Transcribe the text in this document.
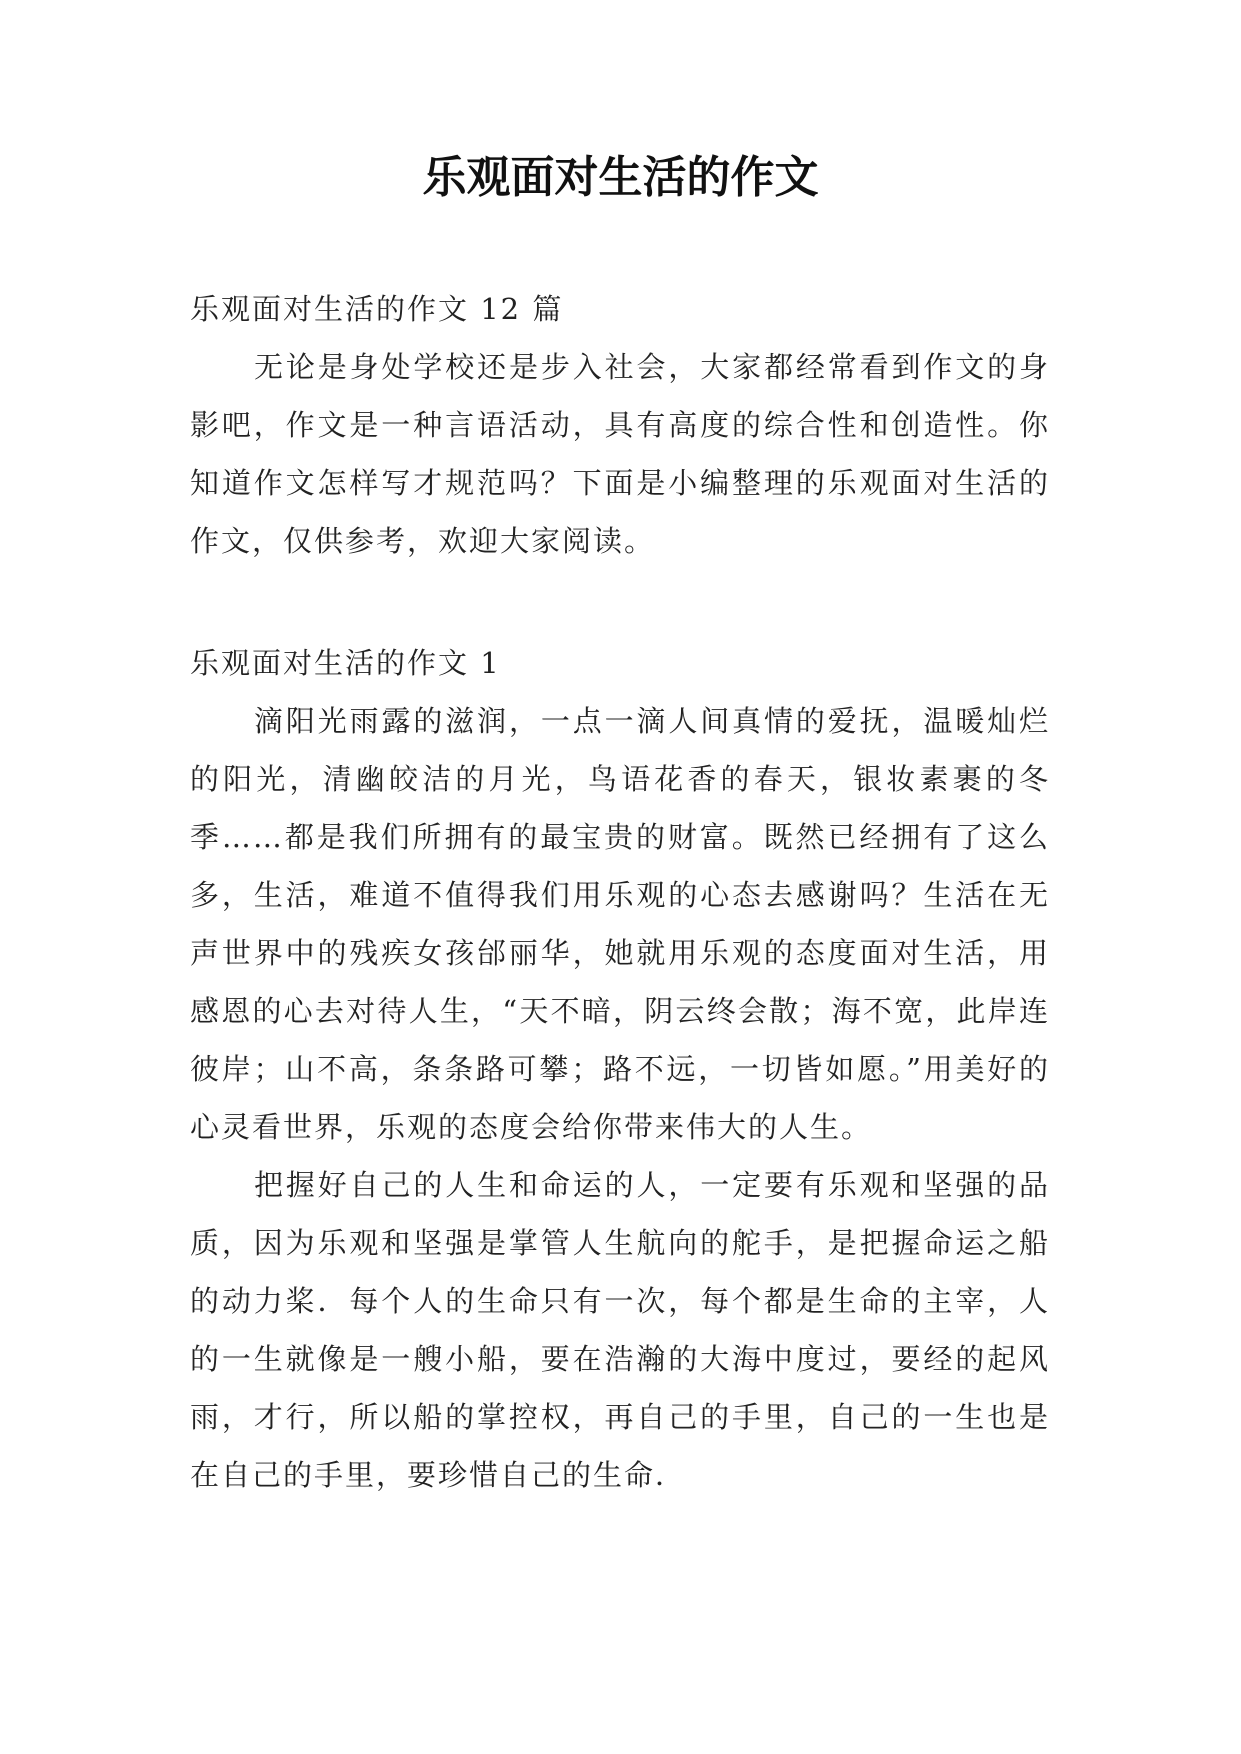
乐观面对生活的作文

乐观面对生活的作文 12 篇

无论是身处学校还是步入社会，大家都经常看到作文的身影吧，作文是一种言语活动，具有高度的综合性和创造性。你知道作文怎样写才规范吗？下面是小编整理的乐观面对生活的作文，仅供参考，欢迎大家阅读。

乐观面对生活的作文 1

滴阳光雨露的滋润，一点一滴人间真情的爱抚，温暖灿烂的阳光，清幽皎洁的月光，鸟语花香的春天，银妆素裹的冬季……都是我们所拥有的最宝贵的财富。既然已经拥有了这么多，生活，难道不值得我们用乐观的心态去感谢吗？生活在无声世界中的残疾女孩邰丽华，她就用乐观的态度面对生活，用感恩的心去对待人生，“天不暗，阴云终会散；海不宽，此岸连彼岸；山不高，条条路可攀；路不远，一切皆如愿。”用美好的心灵看世界，乐观的态度会给你带来伟大的人生。

把握好自己的人生和命运的人，一定要有乐观和坚强的品质，因为乐观和坚强是掌管人生航向的舵手，是把握命运之船的动力桨．每个人的生命只有一次，每个都是生命的主宰，人的一生就像是一艘小船，要在浩瀚的大海中度过，要经的起风雨，才行，所以船的掌控权，再自己的手里，自己的一生也是在自己的手里，要珍惜自己的生命．
